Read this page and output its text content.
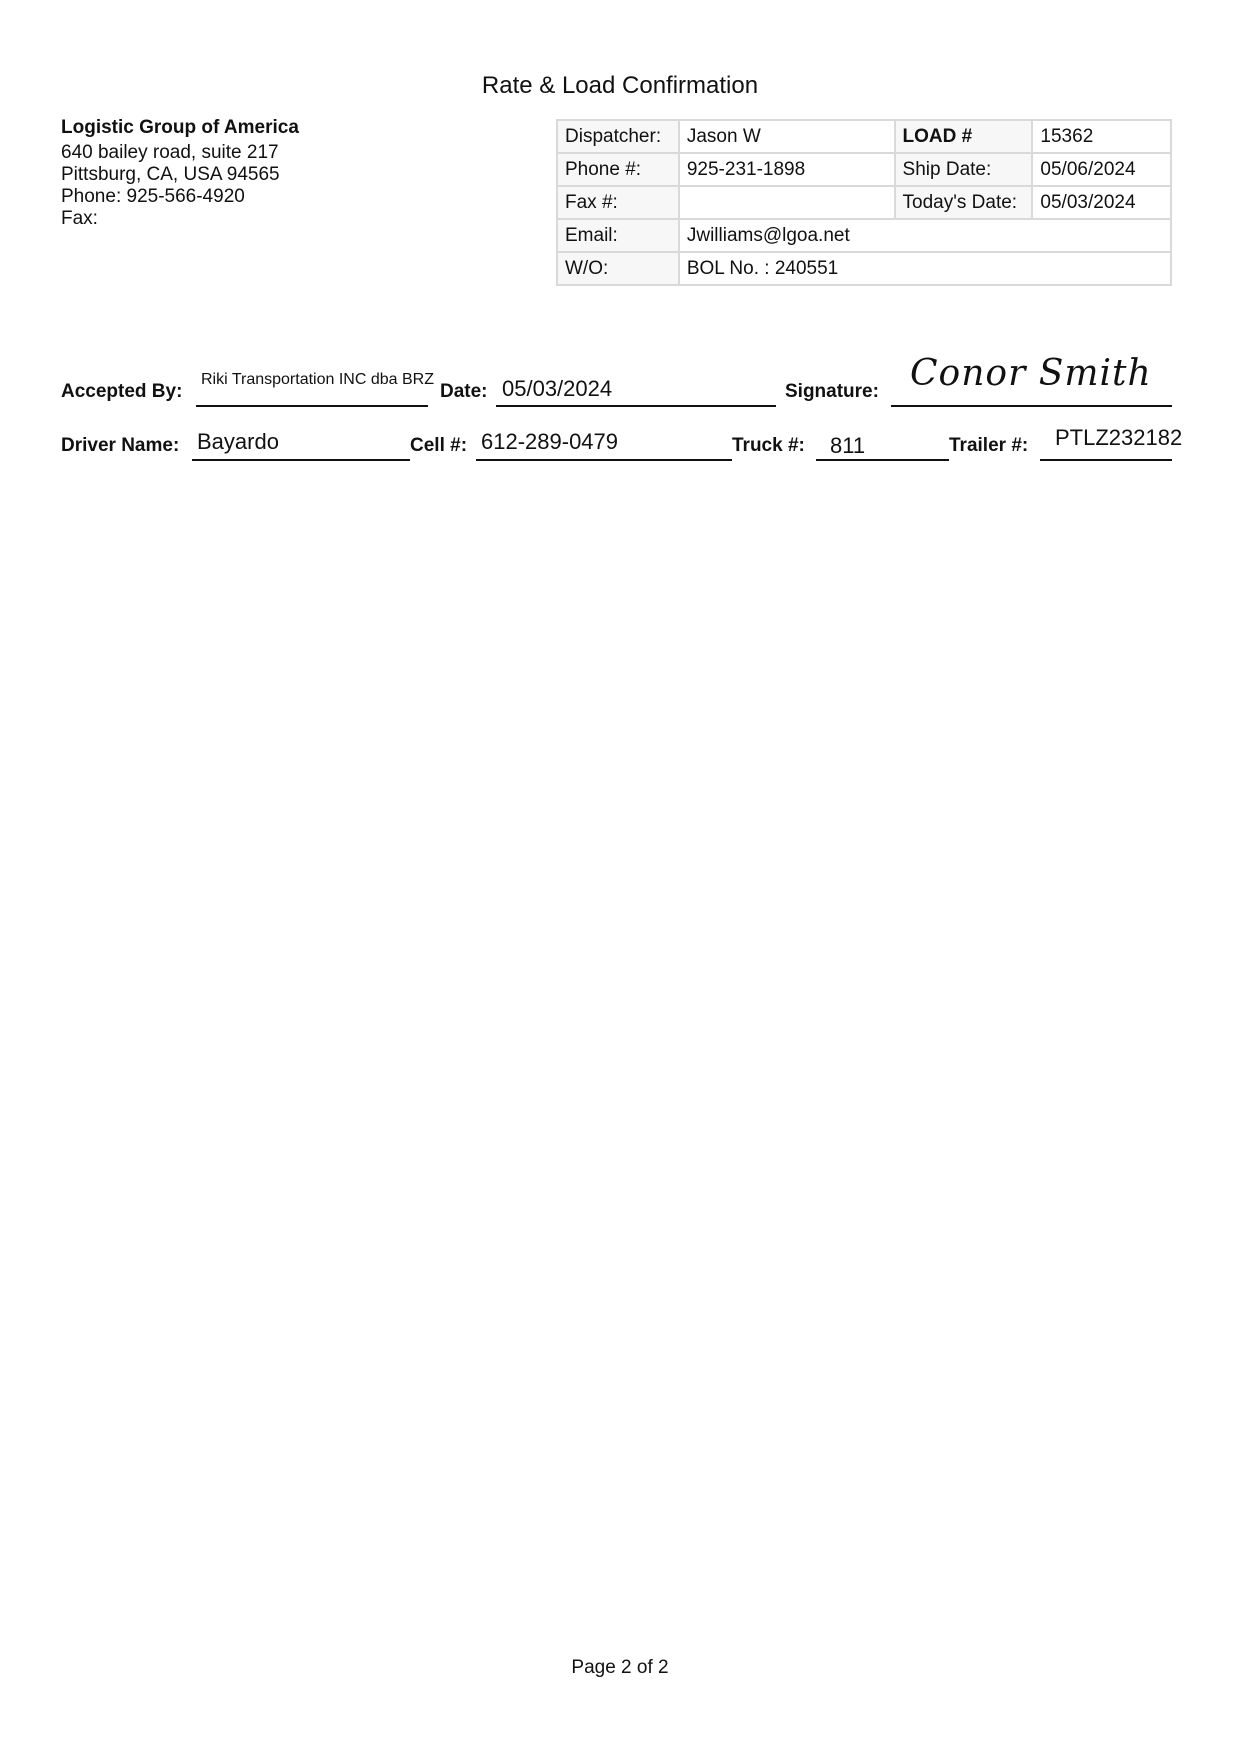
Rate & Load Confirmation
Logistic Group of America
640 bailey road, suite 217
Pittsburg, CA, USA 94565
Phone: 925-566-4920
Fax:
Dispatcher:	Jason W	LOAD #	15362
Phone #:	925-231-1898	Ship Date:	05/06/2024
Fax #:		Today's Date:	05/03/2024
Email:	Jwilliams@lgoa.net		
W/O:	BOL No. : 240551		
Accepted By:
Riki Transportation INC dba BRZ
Date: 05/03/2024	Signature: Conor Smith
Driver Name: Bayardo	Cell #: 612-289-0479	Truck #: 811	Trailer #: PTLZ232182
Page 2 of 2
